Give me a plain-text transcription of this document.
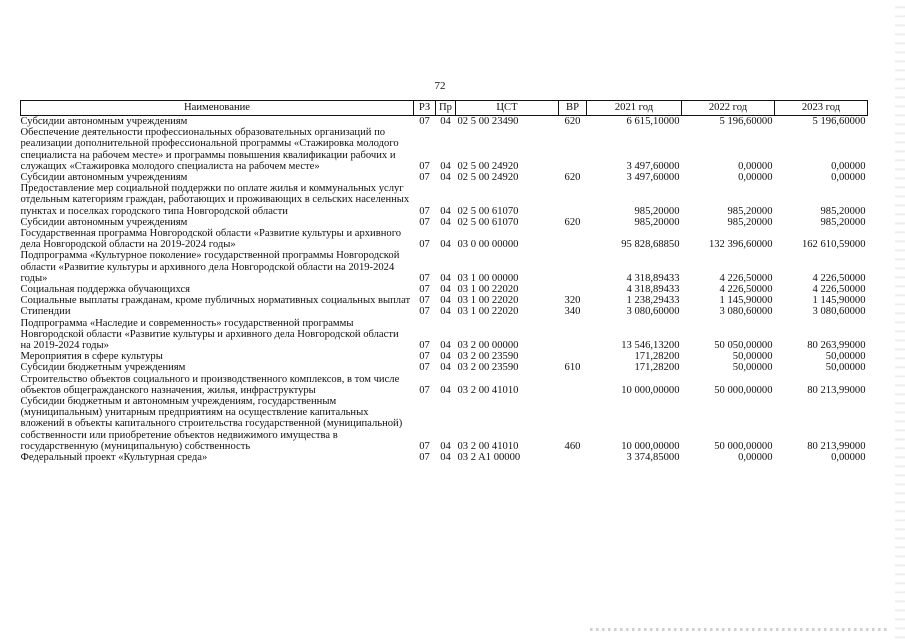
72
Наименование	РЗ	Пр	ЦСТ	ВР	2021 год	2022 год	2023 год
Субсидии автономным учреждениям	07	04	02 5 00 23490	620	6 615,10000	5 196,60000	5 196,60000
Обеспечение деятельности профессиональных образовательных организаций по реализации дополнительной профессиональной программы «Стажировка молодого специалиста на рабочем месте» и программы повышения квалификации рабочих и служащих «Стажировка молодого специалиста на рабочем месте»	07	04	02 5 00 24920		3 497,60000	0,00000	0,00000
Субсидии автономным учреждениям	07	04	02 5 00 24920	620	3 497,60000	0,00000	0,00000
Предоставление мер социальной поддержки по оплате жилья и коммунальных услуг отдельным категориям граждан, работающих и проживающих в сельских населенных пунктах и поселках городского типа Новгородской области	07	04	02 5 00 61070		985,20000	985,20000	985,20000
Субсидии автономным учреждениям	07	04	02 5 00 61070	620	985,20000	985,20000	985,20000
Государственная программа Новгородской области «Развитие культуры и архивного дела Новгородской области на 2019-2024 годы»	07	04	03 0 00 00000		95 828,68850	132 396,60000	162 610,59000
Подпрограмма «Культурное поколение» государственной программы Новгородской области «Развитие культуры и архивного дела Новгородской области на 2019-2024 годы»	07	04	03 1 00 00000		4 318,89433	4 226,50000	4 226,50000
Социальная поддержка обучающихся	07	04	03 1 00 22020		4 318,89433	4 226,50000	4 226,50000
Социальные выплаты гражданам, кроме публичных нормативных социальных выплат	07	04	03 1 00 22020	320	1 238,29433	1 145,90000	1 145,90000
Стипендии	07	04	03 1 00 22020	340	3 080,60000	3 080,60000	3 080,60000
Подпрограмма «Наследие и современность» государственной программы Новгородской области «Развитие культуры и архивного дела Новгородской области на 2019-2024 годы»	07	04	03 2 00 00000		13 546,13200	50 050,00000	80 263,99000
Мероприятия в сфере культуры	07	04	03 2 00 23590		171,28200	50,00000	50,00000
Субсидии бюджетным учреждениям	07	04	03 2 00 23590	610	171,28200	50,00000	50,00000
Строительство объектов социального и производственного комплексов, в том числе объектов общегражданского назначения, жилья, инфраструктуры	07	04	03 2 00 41010		10 000,00000	50 000,00000	80 213,99000
Субсидии бюджетным и автономным учреждениям, государственным (муниципальным) унитарным предприятиям на осуществление капитальных вложений в объекты капитального строительства государственной (муниципальной) собственности или приобретение объектов недвижимого имущества в государственную (муниципальную) собственность	07	04	03 2 00 41010	460	10 000,00000	50 000,00000	80 213,99000
Федеральный проект «Культурная среда»	07	04	03 2 A1 00000		3 374,85000	0,00000	0,00000
